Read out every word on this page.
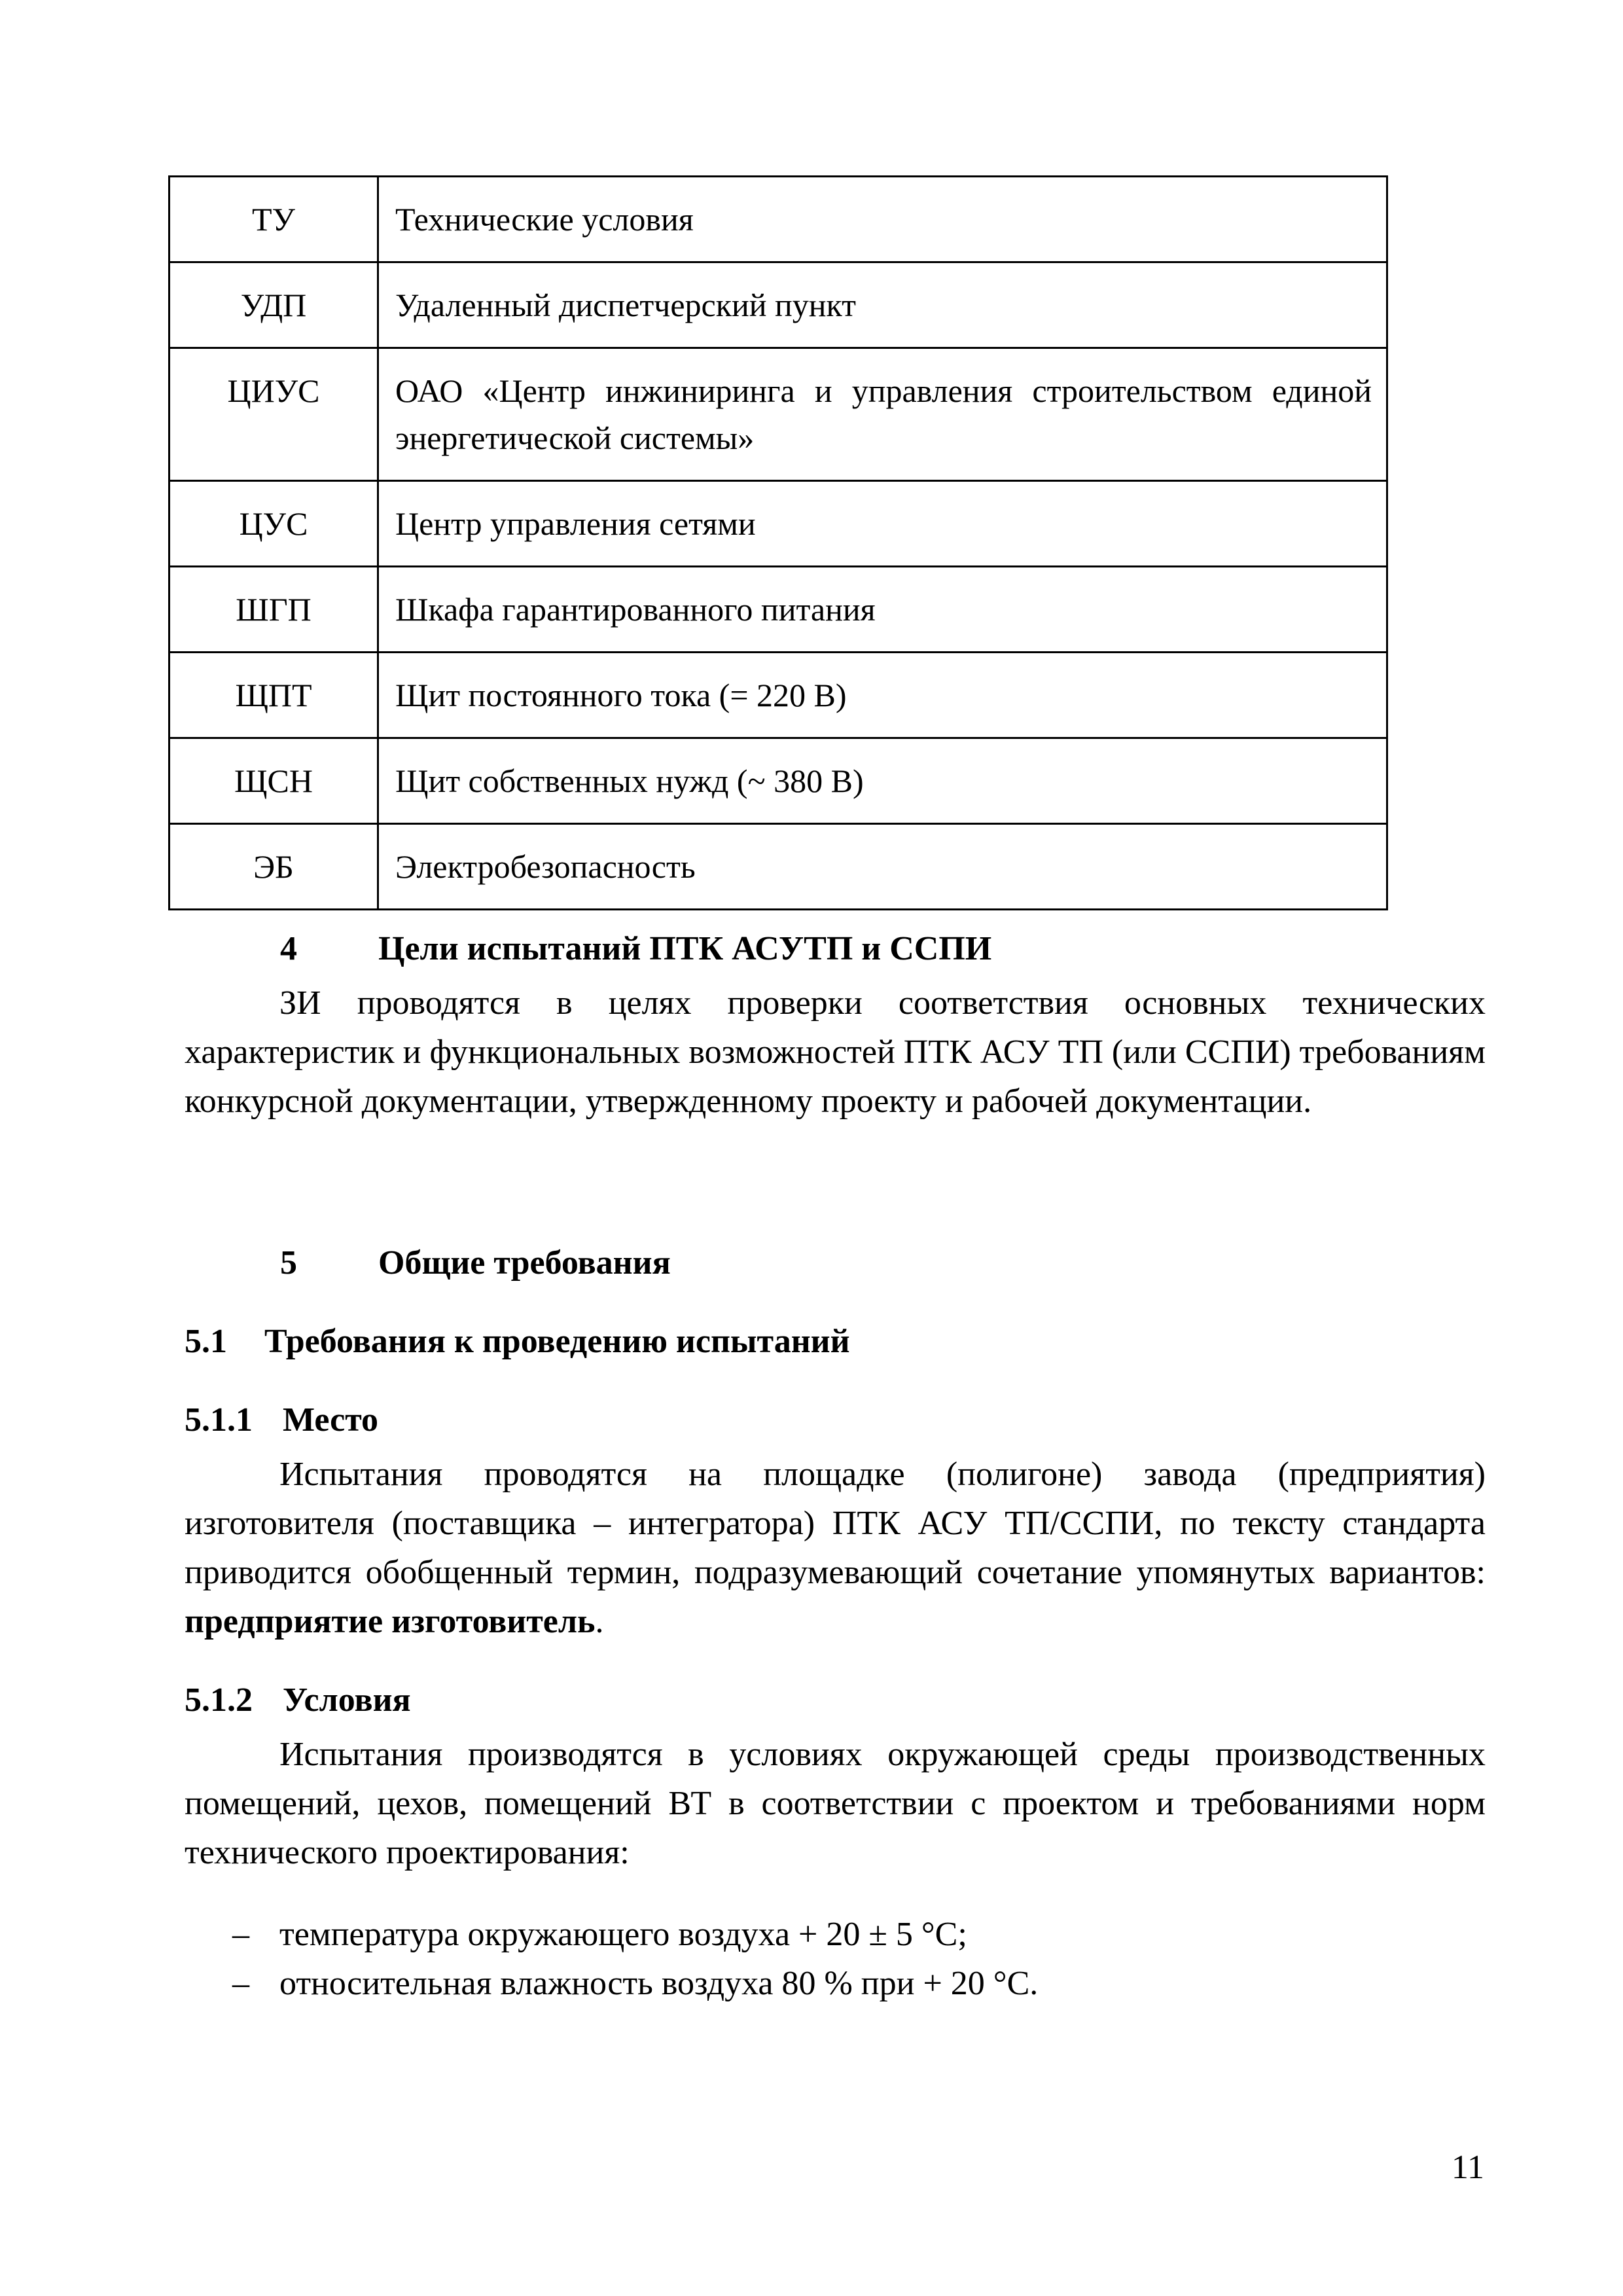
ТУ	Технические условия
УДП	Удаленный диспетчерский пункт
ЦИУС	ОАО «Центр инжиниринга и управления строительством единой энергетической системы»
ЦУС	Центр управления сетями
ШГП	Шкафа гарантированного питания
ЩПТ	Щит постоянного тока (= 220 В)
ЩСН	Щит собственных нужд (~ 380 В)
ЭБ	Электробезопасность
4 Цели испытаний ПТК АСУТП и ССПИ
ЗИ проводятся в целях проверки соответствия основных технических характеристик и функциональных возможностей ПТК АСУ ТП (или ССПИ) требованиям конкурсной документации, утвержденному проекту и рабочей документации.
5 Общие требования
5.1 Требования к проведению испытаний
5.1.1 Место
Испытания проводятся на площадке (полигоне) завода (предприятия) изготовителя (поставщика – интегратора) ПТК АСУ ТП/ССПИ, по тексту стандарта приводится обобщенный термин, подразумевающий сочетание упомянутых вариантов: предприятие изготовитель.
5.1.2 Условия
Испытания производятся в условиях окружающей среды производственных помещений, цехов, помещений ВТ в соответствии с проектом и требованиями норм технического проектирования:
– температура окружающего воздуха + 20 ± 5 °С;
– относительная влажность воздуха 80 % при + 20 °С.
11
